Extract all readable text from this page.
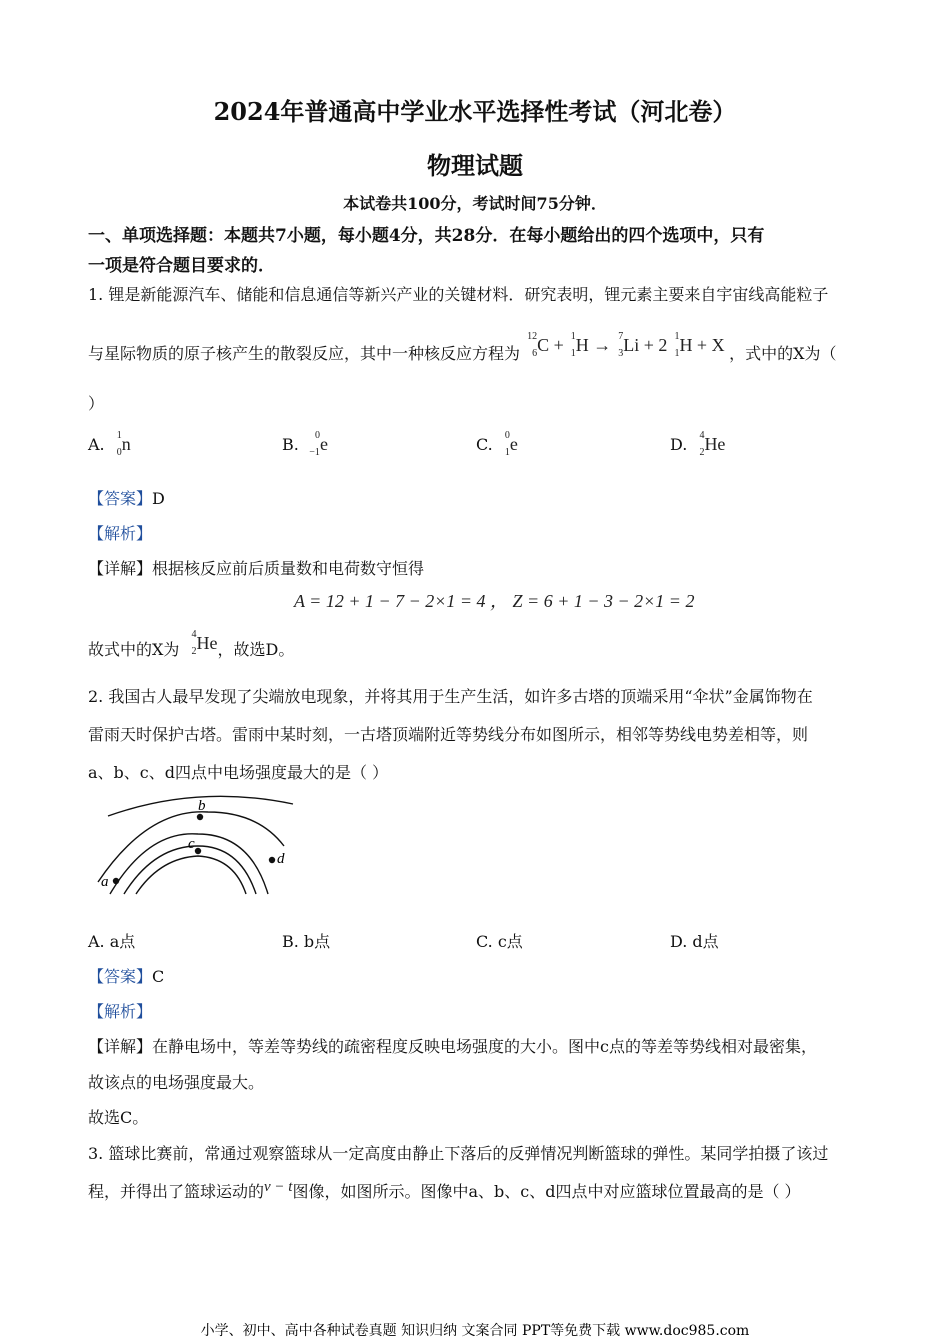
2024年普通高中学业水平选择性考试（河北卷）
物理试题
本试卷共100分，考试时间75分钟．
一、单项选择题：本题共7小题，每小题4分，共28分．在每小题给出的四个选项中，只有
一项是符合题目要求的．
1. 锂是新能源汽车、储能和信息通信等新兴产业的关键材料．研究表明，锂元素主要来自宇宙线高能粒子
与星际物质的原子核产生的散裂反应，其中一种核反应方程为
12
6 C + 1
1 H → 7
3 Li + 2 1
1 H + X ，式中的X为（
）
A. 1
0 n	B. 0
−1 e	C. 0
1 e	D. 4
2 He
【答案】D
【解析】
【详解】根据核反应前后质量数和电荷数守恒得
A = 12 + 1 − 7 − 2×1 = 4 ， Z = 6 + 1 − 3 − 2×1 = 2
故式中的X为
4
2 He，故选D。
2. 我国古人最早发现了尖端放电现象，并将其用于生产生活，如许多古塔的顶端采用“伞状”金属饰物在
雷雨天时保护古塔。雷雨中某时刻，一古塔顶端附近等势线分布如图所示，相邻等势线电势差相等，则
a、b、c、d四点中电场强度最大的是（ ）
b
c
d
a
A. a点	B. b点	C. c点	D. d点
【答案】C
【解析】
【详解】在静电场中，等差等势线的疏密程度反映电场强度的大小。图中c点的等差等势线相对最密集，
故该点的电场强度最大。
故选C。
3. 篮球比赛前，常通过观察篮球从一定高度由静止下落后的反弹情况判断篮球的弹性。某同学拍摄了该过
程，并得出了篮球运动的v − t图像，如图所示。图像中a、b、c、d四点中对应篮球位置最高的是（ ）
小学、初中、高中各种试卷真题 知识归纳 文案合同 PPT等免费下载 www.doc985.com
